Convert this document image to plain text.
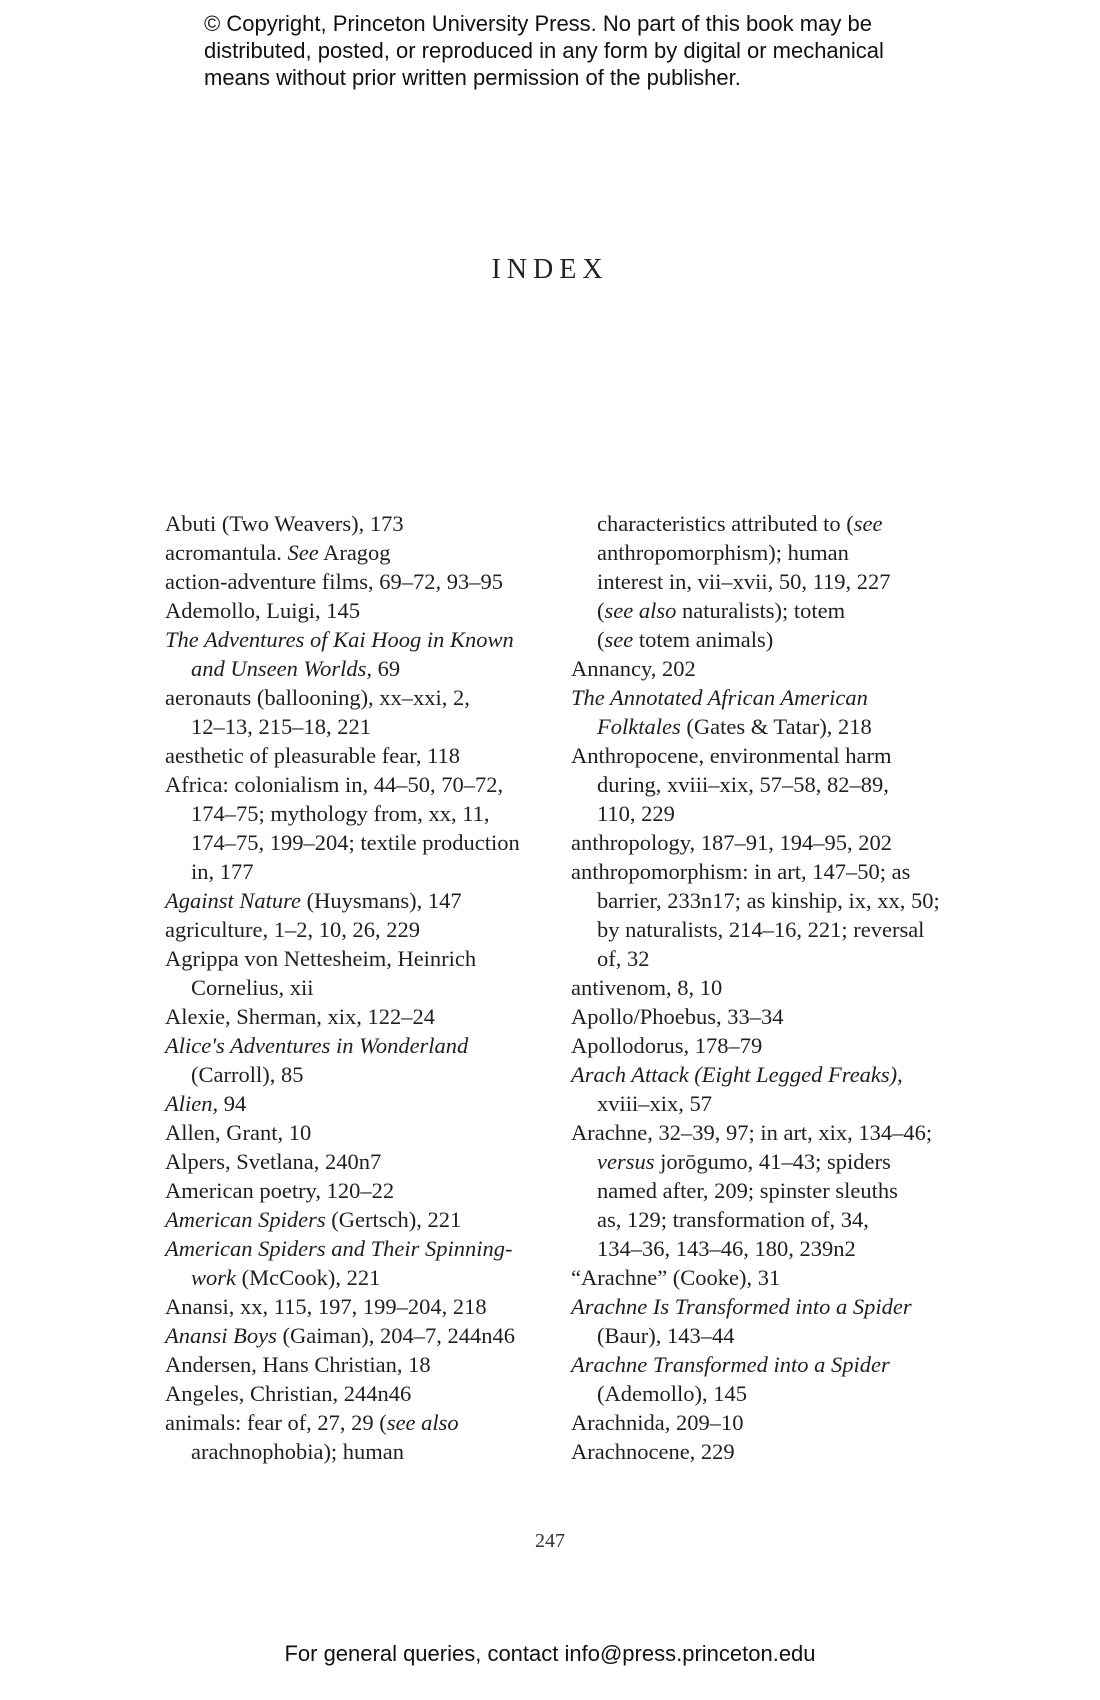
© Copyright, Princeton University Press. No part of this book may be
distributed, posted, or reproduced in any form by digital or mechanical
means without prior written permission of the publisher.
INDEX
Abuti (Two Weavers), 173
acromantula. See Aragog
action-adventure films, 69–72, 93–95
Ademollo, Luigi, 145
The Adventures of Kai Hoog in Known
and Unseen Worlds, 69
aeronauts (ballooning), xx–xxi, 2,
12–13, 215–18, 221
aesthetic of pleasurable fear, 118
Africa: colonialism in, 44–50, 70–72,
174–75; mythology from, xx, 11,
174–75, 199–204; textile production
in, 177
Against Nature (Huysmans), 147
agriculture, 1–2, 10, 26, 229
Agrippa von Nettesheim, Heinrich
Cornelius, xii
Alexie, Sherman, xix, 122–24
Alice's Adventures in Wonderland
(Carroll), 85
Alien, 94
Allen, Grant, 10
Alpers, Svetlana, 240n7
American poetry, 120–22
American Spiders (Gertsch), 221
American Spiders and Their Spinning-
work (McCook), 221
Anansi, xx, 115, 197, 199–204, 218
Anansi Boys (Gaiman), 204–7, 244n46
Andersen, Hans Christian, 18
Angeles, Christian, 244n46
animals: fear of, 27, 29 (see also
arachnophobia); human
characteristics attributed to (see
anthropomorphism); human
interest in, vii–xvii, 50, 119, 227
(see also naturalists); totem
(see totem animals)
Annancy, 202
The Annotated African American
Folktales (Gates & Tatar), 218
Anthropocene, environmental harm
during, xviii–xix, 57–58, 82–89,
110, 229
anthropology, 187–91, 194–95, 202
anthropomorphism: in art, 147–50; as
barrier, 233n17; as kinship, ix, xx, 50;
by naturalists, 214–16, 221; reversal
of, 32
antivenom, 8, 10
Apollo/Phoebus, 33–34
Apollodorus, 178–79
Arach Attack (Eight Legged Freaks),
xviii–xix, 57
Arachne, 32–39, 97; in art, xix, 134–46;
versus jorōgumo, 41–43; spiders
named after, 209; spinster sleuths
as, 129; transformation of, 34,
134–36, 143–46, 180, 239n2
“Arachne” (Cooke), 31
Arachne Is Transformed into a Spider
(Baur), 143–44
Arachne Transformed into a Spider
(Ademollo), 145
Arachnida, 209–10
Arachnocene, 229
247
For general queries, contact info@press.princeton.edu
